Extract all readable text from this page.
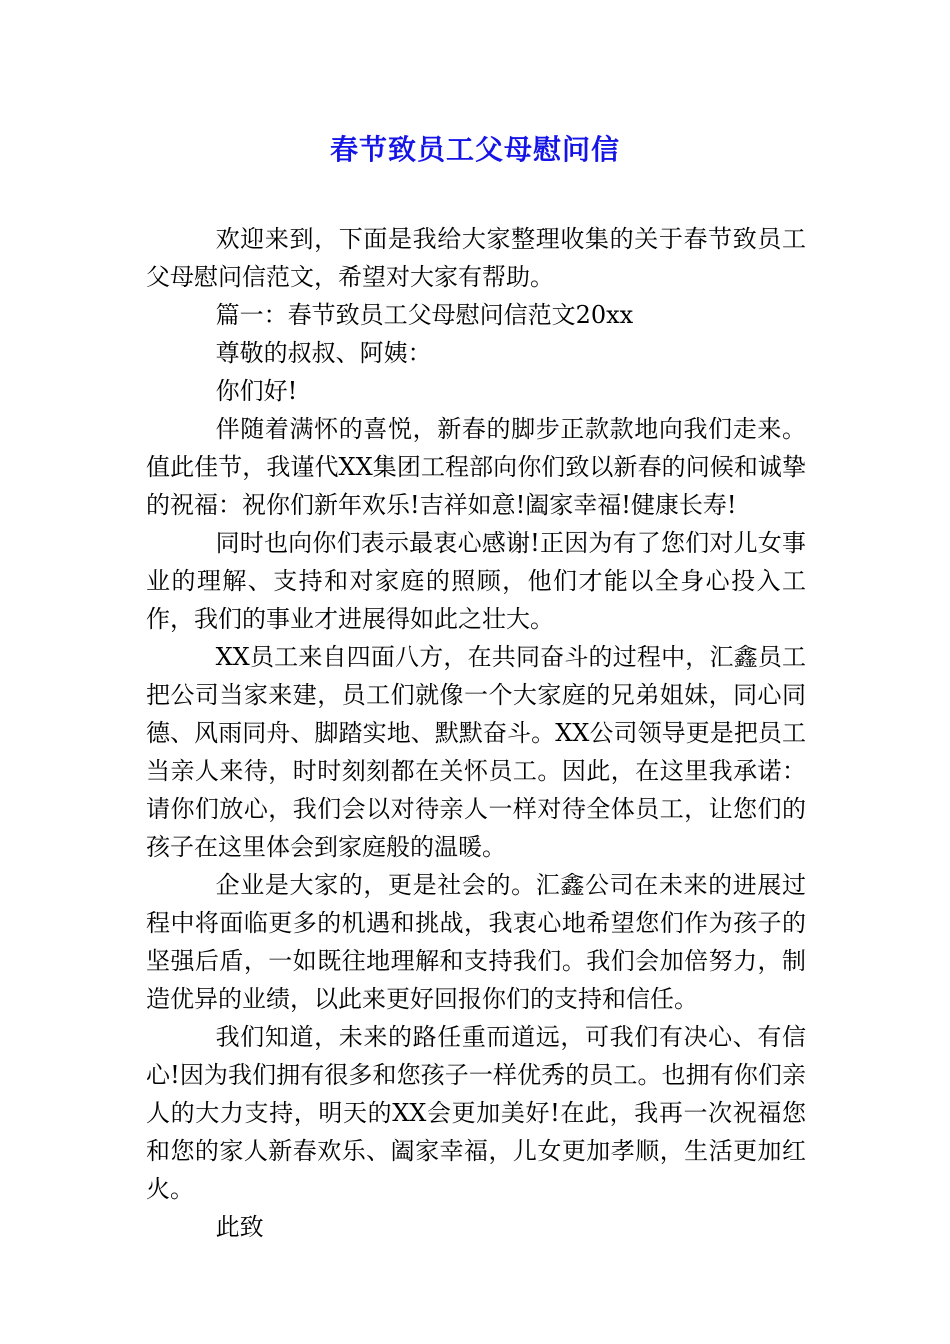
春节致员工父母慰问信

欢迎来到，下面是我给大家整理收集的关于春节致员工父母慰问信范文，希望对大家有帮助。

篇一：春节致员工父母慰问信范文20xx

尊敬的叔叔、阿姨：

你们好!

伴随着满怀的喜悦，新春的脚步正款款地向我们走来。值此佳节，我谨代XX集团工程部向你们致以新春的问候和诚挚的祝福：祝你们新年欢乐!吉祥如意!阖家幸福!健康长寿!

同时也向你们表示最衷心感谢!正因为有了您们对儿女事业的理解、支持和对家庭的照顾，他们才能以全身心投入工作，我们的事业才进展得如此之壮大。

XX员工来自四面八方，在共同奋斗的过程中，汇鑫员工把公司当家来建，员工们就像一个大家庭的兄弟姐妹，同心同德、风雨同舟、脚踏实地、默默奋斗。XX公司领导更是把员工当亲人来待，时时刻刻都在关怀员工。因此，在这里我承诺：请你们放心，我们会以对待亲人一样对待全体员工，让您们的孩子在这里体会到家庭般的温暖。

企业是大家的，更是社会的。汇鑫公司在未来的进展过程中将面临更多的机遇和挑战，我衷心地希望您们作为孩子的坚强后盾，一如既往地理解和支持我们。我们会加倍努力，制造优异的业绩，以此来更好回报你们的支持和信任。

我们知道，未来的路任重而道远，可我们有决心、有信心!因为我们拥有很多和您孩子一样优秀的员工。也拥有你们亲人的大力支持，明天的XX会更加美好!在此，我再一次祝福您和您的家人新春欢乐、阖家幸福，儿女更加孝顺，生活更加红火。

此致
